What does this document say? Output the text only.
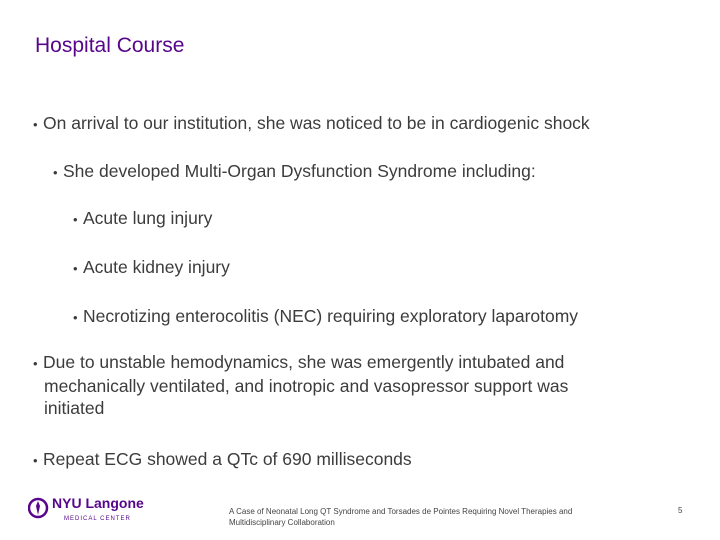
Hospital Course
• On arrival to our institution, she was noticed to be in cardiogenic shock
• She developed Multi-Organ Dysfunction Syndrome including:
• Acute lung injury
• Acute kidney injury
• Necrotizing enterocolitis (NEC) requiring exploratory laparotomy
• Due to unstable hemodynamics, she was emergently intubated and
mechanically ventilated, and inotropic and vasopressor support was
initiated
• Repeat ECG showed a QTc of 690 milliseconds
NYU Langone
MEDICAL CENTER
A Case of Neonatal Long QT Syndrome and Torsades de Pointes Requiring Novel Therapies and Multidisciplinary Collaboration
5
